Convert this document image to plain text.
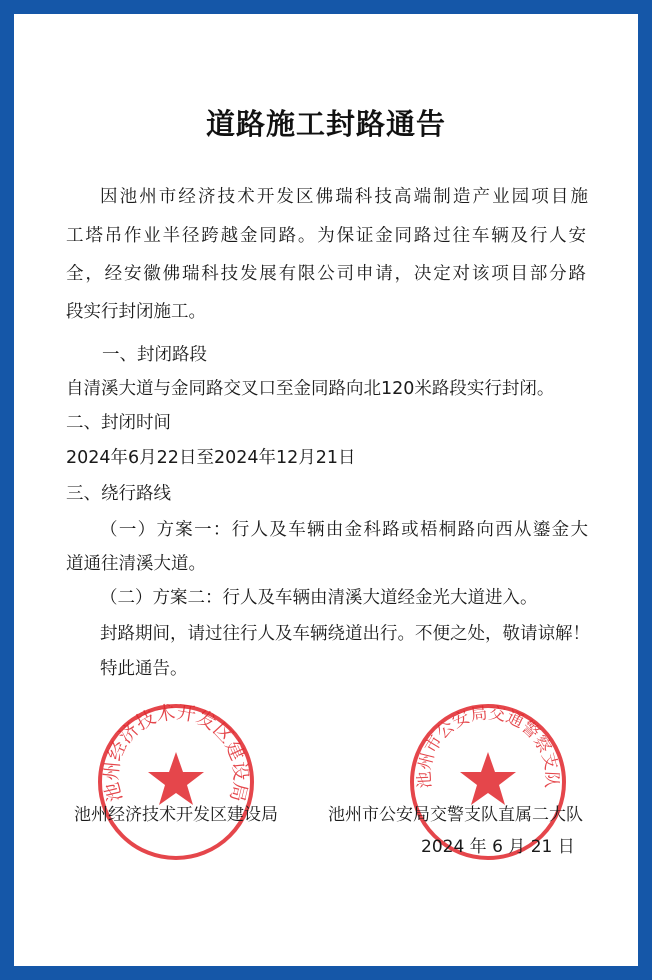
道路施工封路通告
因池州市经济技术开发区佛瑞科技高端制造产业园项目施
工塔吊作业半径跨越金同路。为保证金同路过往车辆及行人安
全，经安徽佛瑞科技发展有限公司申请，决定对该项目部分路
段实行封闭施工。
一、封闭路段
自清溪大道与金同路交叉口至金同路向北120米路段实行封闭。
二、封闭时间
2024年6月22日至2024年12月21日
三、绕行路线
（一）方案一：行人及车辆由金科路或梧桐路向西从鎏金大
道通往清溪大道。
（二）方案二：行人及车辆由清溪大道经金光大道进入。
封路期间，请过往行人及车辆绕道出行。不便之处，敬请谅解！
特此通告。
池州经济技术开发区建设局
池州市公安局交通警察支队
池州经济技术开发区建设局	池州市公安局交警支队直属二大队
2024 年 6 月 21 日
